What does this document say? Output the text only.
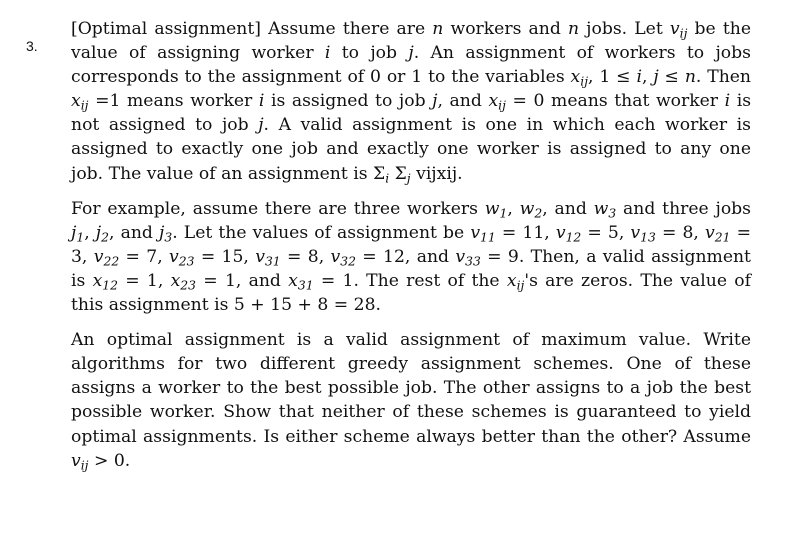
3.

[Optimal assignment] Assume there are n workers and n jobs. Let $v_{ij}$ be the value of assigning worker i to job j. An assignment of workers to jobs corresponds to the assignment of 0 or 1 to the variables $x_{ij}$, 1 ≤ i, j ≤ n. Then $x_{ij} =1$ means worker i is assigned to job j, and $x_{ij} = 0$ means that worker i is not assigned to job j. A valid assignment is one in which each worker is assigned to exactly one job and exactly one worker is assigned to any one job. The value of an assignment is $\Sigma_i$ $\Sigma_j$ vijxij.

For example, assume there are three workers $w_1$, $w_2$, and $w_3$ and three jobs $j_1$, $j_2$, and $j_3$. Let the values of assignment be $v_{11} = 11$, $v_{12} = 5$, $v_{13} = 8$, $v_{21} = 3$, $v_{22} = 7$, $v_{23} = 15$, $v_{31} = 8$, $v_{32} = 12$, and $v_{33} = 9$. Then, a valid assignment is $x_{12} = 1$, $x_{23} = 1$, and $x_{31} = 1$. The rest of the $x_{ij}'s$ are zeros. The value of this assignment is 5 + 15 + 8 = 28.

An optimal assignment is a valid assignment of maximum value. Write algorithms for two different greedy assignment schemes. One of these assigns a worker to the best possible job. The other assigns to a job the best possible worker. Show that neither of these schemes is guaranteed to yield optimal assignments. Is either scheme always better than the other? Assume $v_{ij} > 0$.
